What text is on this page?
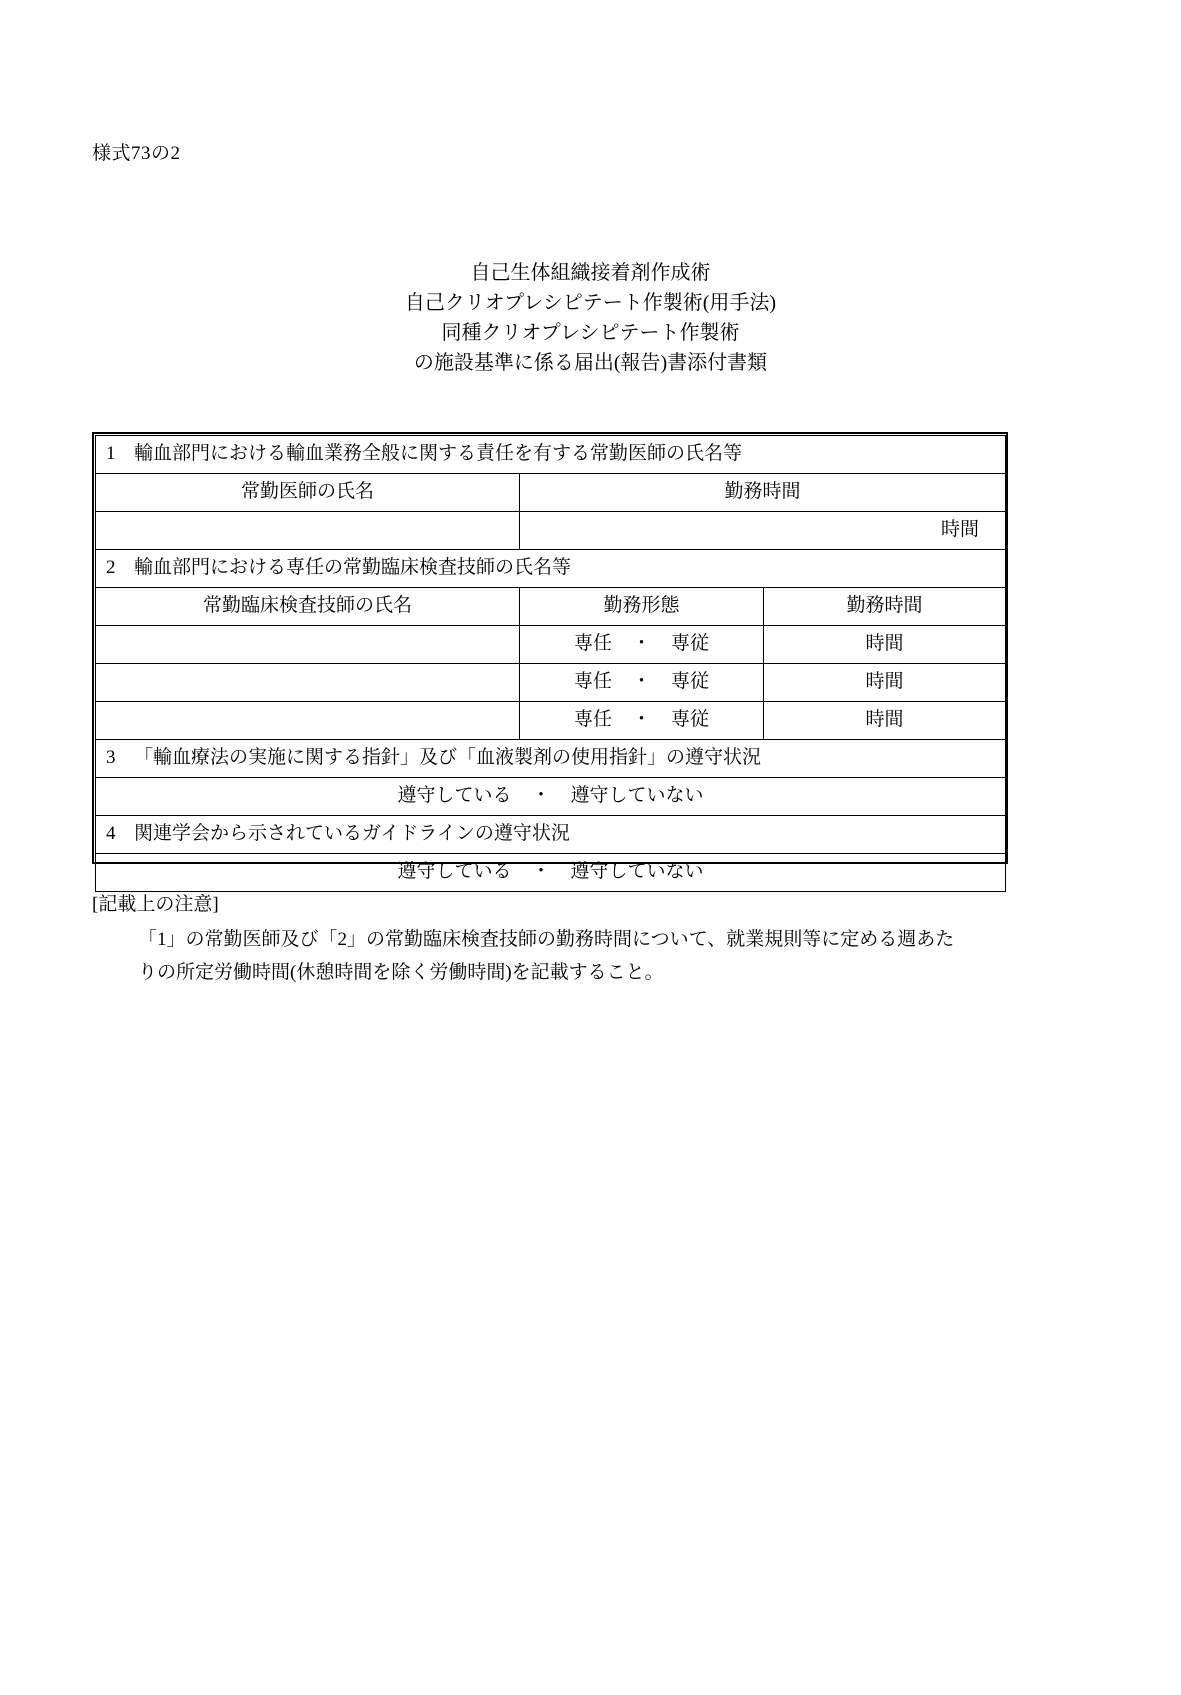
様式73の2
自己生体組織接着剤作成術
自己クリオプレシピテート作製術(用手法)
同種クリオプレシピテート作製術
の施設基準に係る届出(報告)書添付書類
1 輸血部門における輸血業務全般に関する責任を有する常勤医師の氏名等		
常勤医師の氏名	勤務時間	
	時間	
2 輸血部門における専任の常勤臨床検査技師の氏名等		
常勤臨床検査技師の氏名	勤務形態	勤務時間
	専任 ・ 専従	時間
	専任 ・ 専従	時間
	専任 ・ 専従	時間
3 「輸血療法の実施に関する指針」及び「血液製剤の使用指針」の遵守状況		
遵守している ・ 遵守していない		
4 関連学会から示されているガイドラインの遵守状況		
遵守している ・ 遵守していない		
[記載上の注意]
「1」の常勤医師及び「2」の常勤臨床検査技師の勤務時間について、就業規則等に定める週あた
りの所定労働時間(休憩時間を除く労働時間)を記載すること。
